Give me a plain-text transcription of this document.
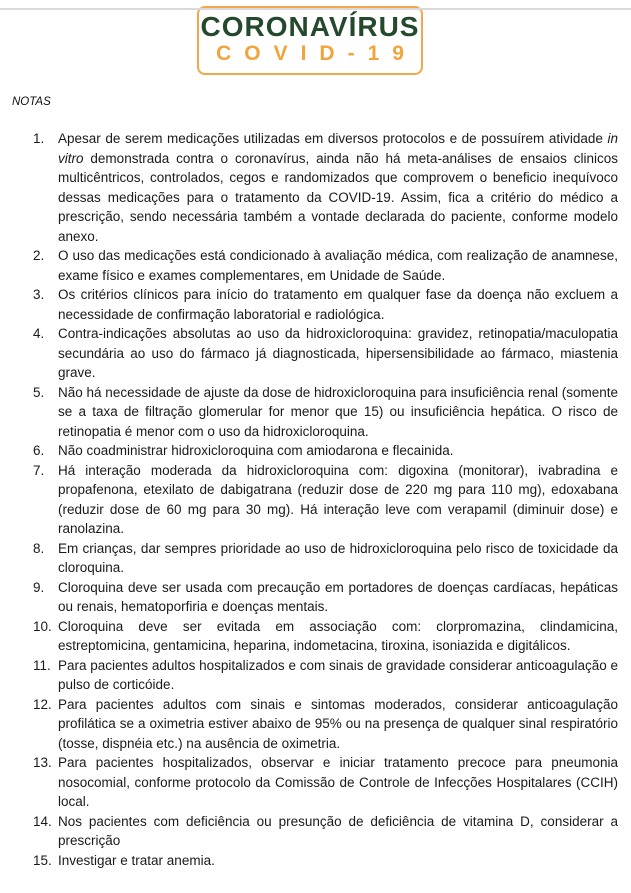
CORONAVÍRUS
COVID-19
NOTAS
1.	Apesar de serem medicações utilizadas em diversos protocolos e de possuírem atividade in vitro demonstrada contra o coronavírus, ainda não há meta-análises de ensaios clinicos multicêntricos, controlados, cegos e randomizados que comprovem o beneficio inequívoco dessas medicações para o tratamento da COVID-19. Assim, fica a critério do médico a prescrição, sendo necessária também a vontade declarada do paciente, conforme modelo anexo.
2.	O uso das medicações está condicionado à avaliação médica, com realização de anamnese, exame físico e exames complementares, em Unidade de Saúde.
3.	Os critérios clínicos para início do tratamento em qualquer fase da doença não excluem a necessidade de confirmação laboratorial e radiológica.
4.	Contra-indicações absolutas ao uso da hidroxicloroquina: gravidez, retinopatia/maculopatia secundária ao uso do fármaco já diagnosticada, hipersensibilidade ao fármaco, miastenia grave.
5.	Não há necessidade de ajuste da dose de hidroxicloroquina para insuficiência renal (somente se a taxa de filtração glomerular for menor que 15) ou insuficiência hepática. O risco de retinopatia é menor com o uso da hidroxicloroquina.
6.	Não coadministrar hidroxicloroquina com amiodarona e flecainida.
7.	Há interação moderada da hidroxicloroquina com: digoxina (monitorar), ivabradina e propafenona, etexilato de dabigatrana (reduzir dose de 220 mg para 110 mg), edoxabana (reduzir dose de 60 mg para 30 mg). Há interação leve com verapamil (diminuir dose) e ranolazina.
8.	Em crianças, dar sempres prioridade ao uso de hidroxicloroquina pelo risco de toxicidade da cloroquina.
9.	Cloroquina deve ser usada com precaução em portadores de doenças cardíacas, hepáticas ou renais, hematoporfiria e doenças mentais.
10. Cloroquina deve ser evitada em associação com: clorpromazina, clindamicina, estreptomicina, gentamicina, heparina, indometacina, tiroxina, isoniazida e digitálicos.
11. Para pacientes adultos hospitalizados e com sinais de gravidade considerar anticoagulação e pulso de corticóide.
12. Para pacientes adultos com sinais e sintomas moderados, considerar anticoagulação profilática se a oximetria estiver abaixo de 95% ou na presença de qualquer sinal respiratório (tosse, dispnéia etc.) na ausência de oximetria.
13. Para pacientes hospitalizados, observar e iniciar tratamento precoce para pneumonia nosocomial, conforme protocolo da Comissão de Controle de Infecções Hospitalares (CCIH) local.
14. Nos pacientes com deficiência ou presunção de deficiência de vitamina D, considerar a prescrição
15. Investigar e tratar anemia.
